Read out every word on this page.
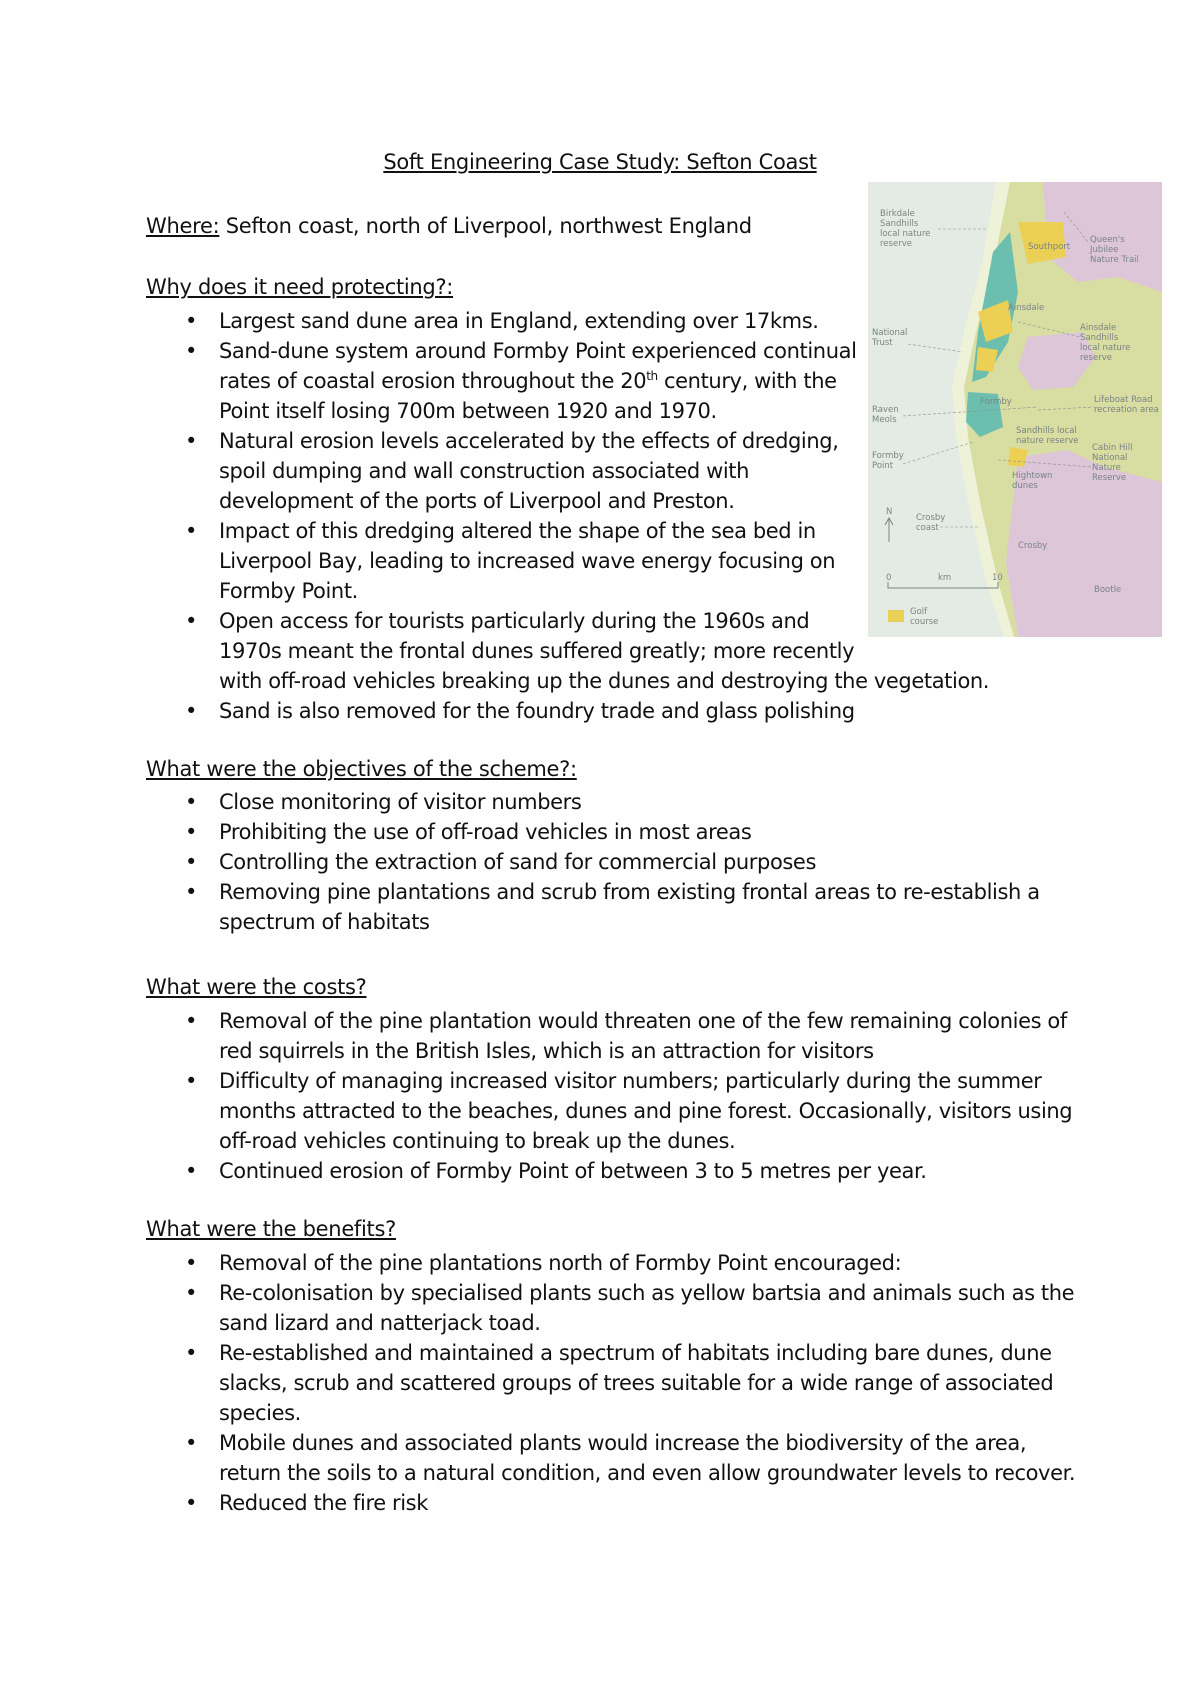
Soft Engineering Case Study: Sefton Coast
Where: Sefton coast, north of Liverpool, northwest England
Why does it need protecting?:
• Largest sand dune area in England, extending over 17kms.
• Sand-dune system around Formby Point experienced continual
rates of coastal erosion throughout the 20th century, with the
Point itself losing 700m between 1920 and 1970.
• Natural erosion levels accelerated by the effects of dredging,
spoil dumping and wall construction associated with
development of the ports of Liverpool and Preston.
• Impact of this dredging altered the shape of the sea bed in
Liverpool Bay, leading to increased wave energy focusing on
Formby Point.
• Open access for tourists particularly during the 1960s and
1970s meant the frontal dunes suffered greatly; more recently
with off-road vehicles breaking up the dunes and destroying the vegetation.
• Sand is also removed for the foundry trade and glass polishing
What were the objectives of the scheme?:
• Close monitoring of visitor numbers
• Prohibiting the use of off-road vehicles in most areas
• Controlling the extraction of sand for commercial purposes
• Removing pine plantations and scrub from existing frontal areas to re-establish a
spectrum of habitats
What were the costs?
• Removal of the pine plantation would threaten one of the few remaining colonies of
red squirrels in the British Isles, which is an attraction for visitors
• Difficulty of managing increased visitor numbers; particularly during the summer
months attracted to the beaches, dunes and pine forest. Occasionally, visitors using
off-road vehicles continuing to break up the dunes.
• Continued erosion of Formby Point of between 3 to 5 metres per year.
What were the benefits?
• Removal of the pine plantations north of Formby Point encouraged:
• Re-colonisation by specialised plants such as yellow bartsia and animals such as the
sand lizard and natterjack toad.
• Re-established and maintained a spectrum of habitats including bare dunes, dune
slacks, scrub and scattered groups of trees suitable for a wide range of associated
species.
• Mobile dunes and associated plants would increase the biodiversity of the area,
return the soils to a natural condition, and even allow groundwater levels to recover.
• Reduced the fire risk
Birkdale Sandhills local nature reserve	Southport
Queen's Jubilee Nature Trail
Ainsdale
National Trust
Ainsdale Sandhills local nature reserve
Formby
Raven Meols
Lifeboat Road recreation area
Sandhills local nature reserve
Formby Point
Cabin Hill National Nature Reserve
Hightown dunes
Crosby coast
Crosby
Bootle
N
0	km	10
Golf course
